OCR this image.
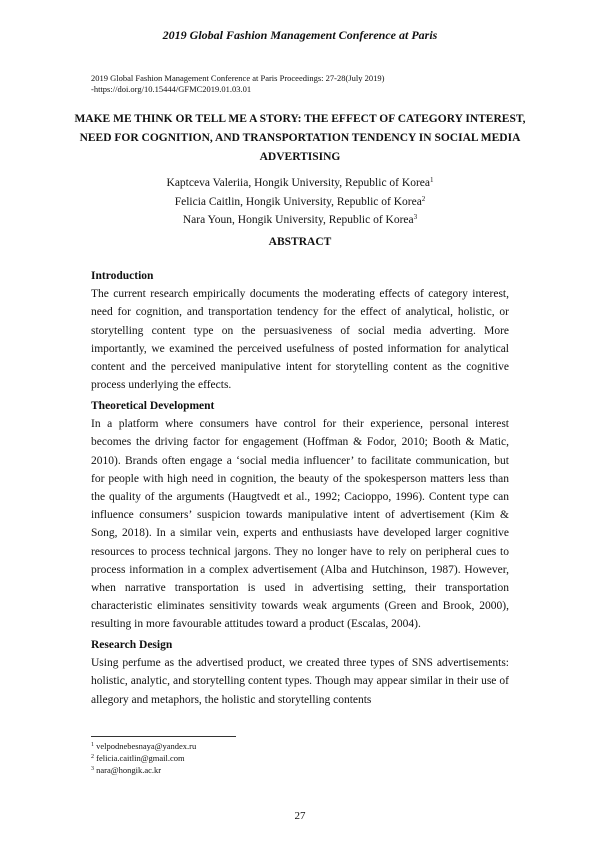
2019 Global Fashion Management Conference at Paris
2019 Global Fashion Management Conference at Paris Proceedings: 27-28(July 2019)
-https://doi.org/10.15444/GFMC2019.01.03.01
MAKE ME THINK OR TELL ME A STORY: THE EFFECT OF CATEGORY INTEREST, NEED FOR COGNITION, AND TRANSPORTATION TENDENCY IN SOCIAL MEDIA ADVERTISING
Kaptceva Valeriia, Hongik University, Republic of Korea$^1$
Felicia Caitlin, Hongik University, Republic of Korea$^2$
Nara Youn, Hongik University, Republic of Korea$^3$
ABSTRACT
Introduction

The current research empirically documents the moderating effects of category interest, need for cognition, and transportation tendency for the effect of analytical, holistic, or storytelling content type on the persuasiveness of social media adverting. More importantly, we examined the perceived usefulness of posted information for analytical content and the perceived manipulative intent for storytelling content as the cognitive process underlying the effects.

Theoretical Development

In a platform where consumers have control for their experience, personal interest becomes the driving factor for engagement (Hoffman & Fodor, 2010; Booth & Matic, 2010). Brands often engage a ‘social media influencer’ to facilitate communication, but for people with high need in cognition, the beauty of the spokesperson matters less than the quality of the arguments (Haugtvedt et al., 1992; Cacioppo, 1996). Content type can influence consumers’ suspicion towards manipulative intent of advertisement (Kim & Song, 2018). In a similar vein, experts and enthusiasts have developed larger cognitive resources to process technical jargons. They no longer have to rely on peripheral cues to process information in a complex advertisement (Alba and Hutchinson, 1987). However, when narrative transportation is used in advertising setting, their transportation characteristic eliminates sensitivity towards weak arguments (Green and Brook, 2000), resulting in more favourable attitudes toward a product (Escalas, 2004).

Research Design

Using perfume as the advertised product, we created three types of SNS advertisements: holistic, analytic, and storytelling content types. Though may appear similar in their use of allegory and metaphors, the holistic and storytelling contents

$^1$ velpodnebesnaya@yandex.ru
$^2$ felicia.caitlin@gmail.com
$^3$ nara@hongik.ac.kr
27
